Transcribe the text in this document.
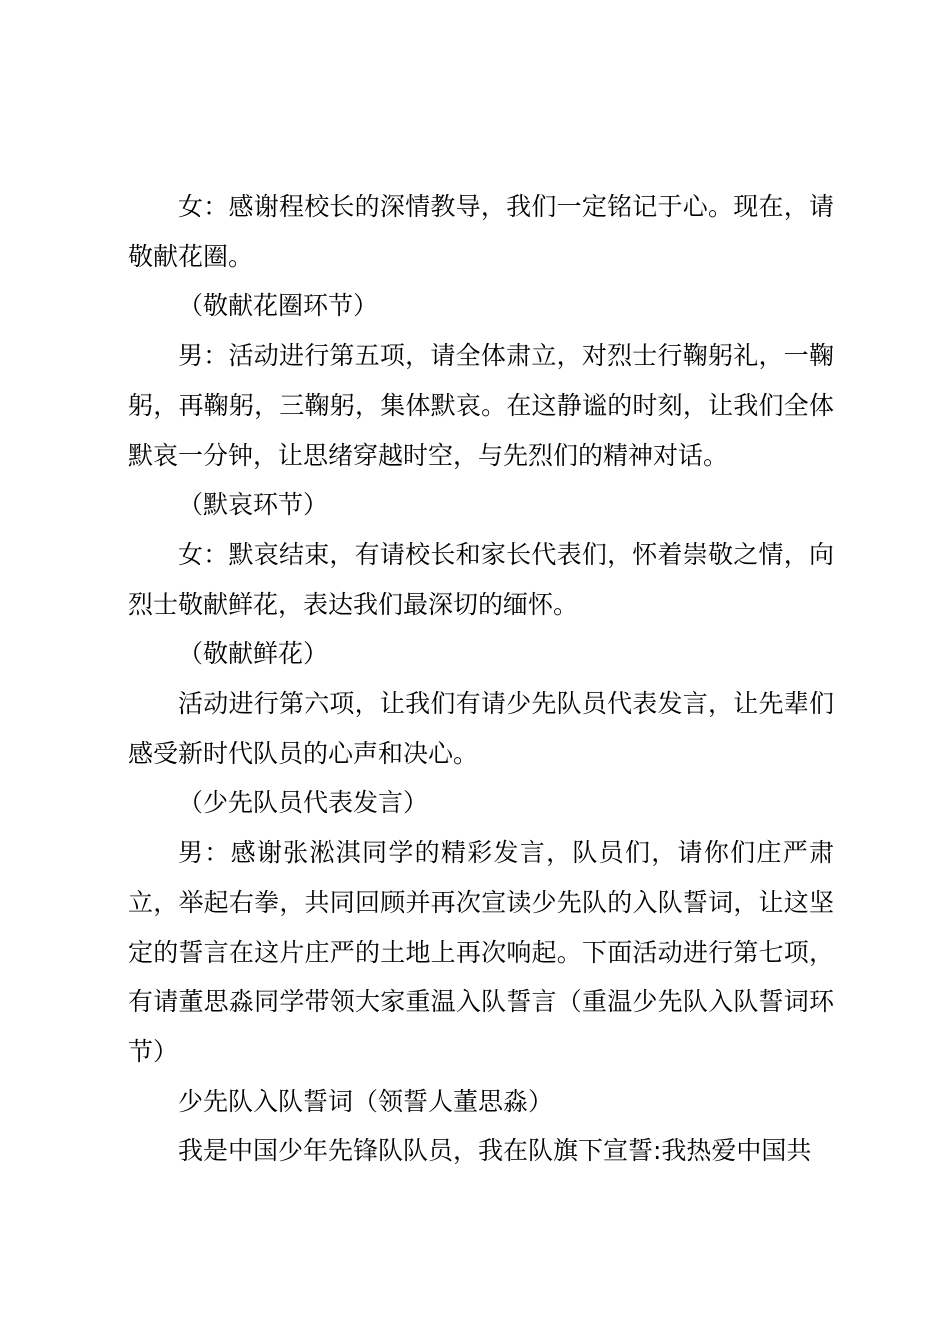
女：感谢程校长的深情教导，我们一定铭记于心。现在，请敬献花圈。

（敬献花圈环节）

男：活动进行第五项，请全体肃立，对烈士行鞠躬礼，一鞠躬，再鞠躬，三鞠躬，集体默哀。在这静谧的时刻，让我们全体默哀一分钟，让思绪穿越时空，与先烈们的精神对话。

（默哀环节）

女：默哀结束，有请校长和家长代表们，怀着崇敬之情，向烈士敬献鲜花，表达我们最深切的缅怀。

（敬献鲜花）

活动进行第六项，让我们有请少先队员代表发言，让先辈们感受新时代队员的心声和决心。

（少先队员代表发言）

男：感谢张淞淇同学的精彩发言，队员们，请你们庄严肃立，举起右拳，共同回顾并再次宣读少先队的入队誓词，让这坚定的誓言在这片庄严的土地上再次响起。下面活动进行第七项，有请董思淼同学带领大家重温入队誓言（重温少先队入队誓词环节）

少先队入队誓词（领誓人董思淼）

我是中国少年先锋队队员，我在队旗下宣誓:我热爱中国共
